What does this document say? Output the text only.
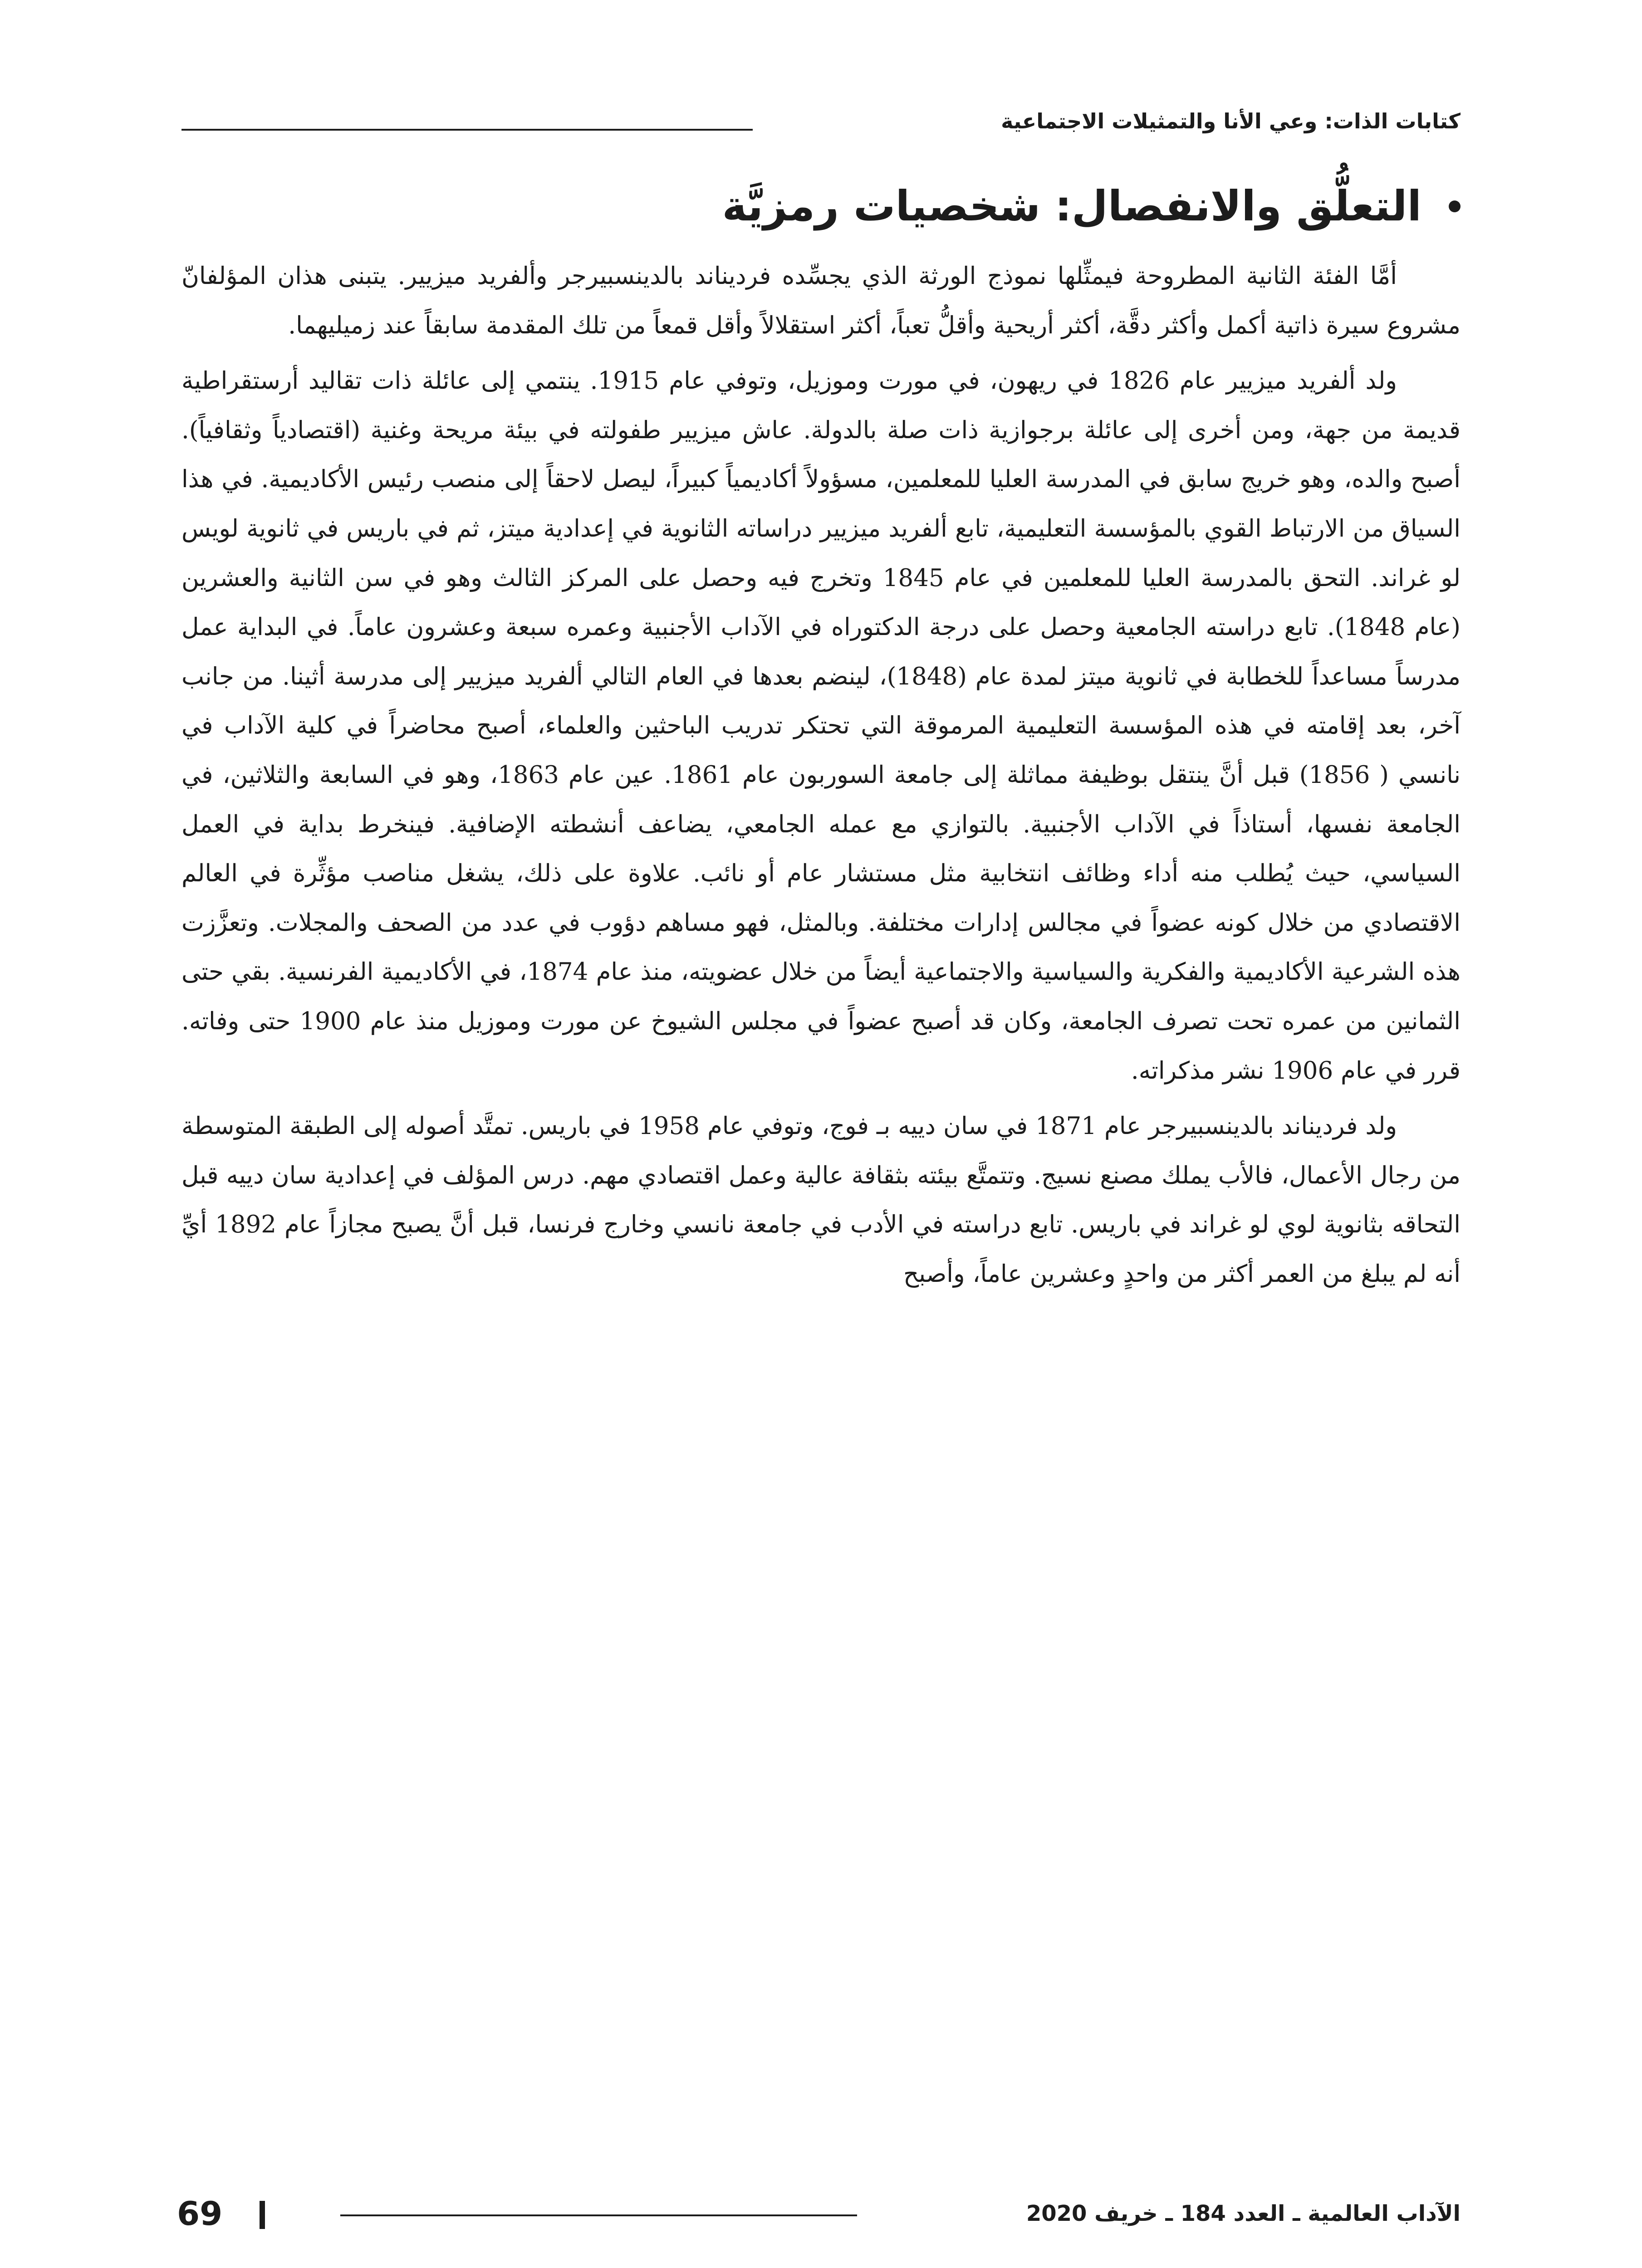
كتابات الذات: وعي الأنا والتمثيلات الاجتماعية
التعلُّق والانفصال: شخصيات رمزيَّة

أمَّا الفئة الثانية المطروحة فيمثِّلها نموذج الورثة الذي يجسِّده فرديناند بالدينسبيرجر وألفريد ميزيير. يتبنى هذان المؤلفانّ مشروع سيرة ذاتية أكمل وأكثر دقَّة، أكثر أريحية وأقلُّ تعباً، أكثر استقلالاً وأقل قمعاً من تلك المقدمة سابقاً عند زميليهما.

ولد ألفريد ميزيير عام 1826 في ريهون، في مورت وموزيل، وتوفي عام 1915. ينتمي إلى عائلة ذات تقاليد أرستقراطية قديمة من جهة، ومن أخرى إلى عائلة برجوازية ذات صلة بالدولة. عاش ميزيير طفولته في بيئة مريحة وغنية (اقتصادياً وثقافياً). أصبح والده، وهو خريج سابق في المدرسة العليا للمعلمين، مسؤولاً أكاديمياً كبيراً، ليصل لاحقاً إلى منصب رئيس الأكاديمية. في هذا السياق من الارتباط القوي بالمؤسسة التعليمية، تابع ألفريد ميزيير دراساته الثانوية في إعدادية ميتز، ثم في باريس في ثانوية لويس لو غراند. التحق بالمدرسة العليا للمعلمين في عام 1845 وتخرج فيه وحصل على المركز الثالث وهو في سن الثانية والعشرين (عام 1848). تابع دراسته الجامعية وحصل على درجة الدكتوراه في الآداب الأجنبية وعمره سبعة وعشرون عاماً. في البداية عمل مدرساً مساعداً للخطابة في ثانوية ميتز لمدة عام (1848)، لينضم بعدها في العام التالي ألفريد ميزيير إلى مدرسة أثينا. من جانب آخر، بعد إقامته في هذه المؤسسة التعليمية المرموقة التي تحتكر تدريب الباحثين والعلماء، أصبح محاضراً في كلية الآداب في نانسي ( 1856) قبل أنَّ ينتقل بوظيفة مماثلة إلى جامعة السوربون عام 1861. عين عام 1863، وهو في السابعة والثلاثين، في الجامعة نفسها، أستاذاً في الآداب الأجنبية. بالتوازي مع عمله الجامعي، يضاعف أنشطته الإضافية. فينخرط بداية في العمل السياسي، حيث يُطلب منه أداء وظائف انتخابية مثل مستشار عام أو نائب. علاوة على ذلك، يشغل مناصب مؤثِّرة في العالم الاقتصادي من خلال كونه عضواً في مجالس إدارات مختلفة. وبالمثل، فهو مساهم دؤوب في عدد من الصحف والمجلات. وتعزَّزت هذه الشرعية الأكاديمية والفكرية والسياسية والاجتماعية أيضاً من خلال عضويته، منذ عام 1874، في الأكاديمية الفرنسية. بقي حتى الثمانين من عمره تحت تصرف الجامعة، وكان قد أصبح عضواً في مجلس الشيوخ عن مورت وموزيل منذ عام 1900 حتى وفاته. قرر في عام 1906 نشر مذكراته.

ولد فردیناند بالدینسبیرجر عام 1871 في سان دییه بـ فوج، وتوفي عام 1958 في باريس. تمتَّد أصوله إلى الطبقة المتوسطة من رجال الأعمال، فالأب يملك مصنع نسيج. وتتمتَّع بيئته بثقافة عالية وعمل اقتصادي مهم. درس المؤلف في إعدادية سان دييه قبل التحاقه بثانوية لوي لو غراند في باريس. تابع دراسته في الأدب في جامعة نانسي وخارج فرنسا، قبل أنَّ يصبح مجازاً عام 1892 أيِّ أنه لم يبلغ من العمر أكثر من واحدٍ وعشرين عاماً، وأصبح

الآداب العالمية ـ العدد 184 ـ خريف 2020
69
